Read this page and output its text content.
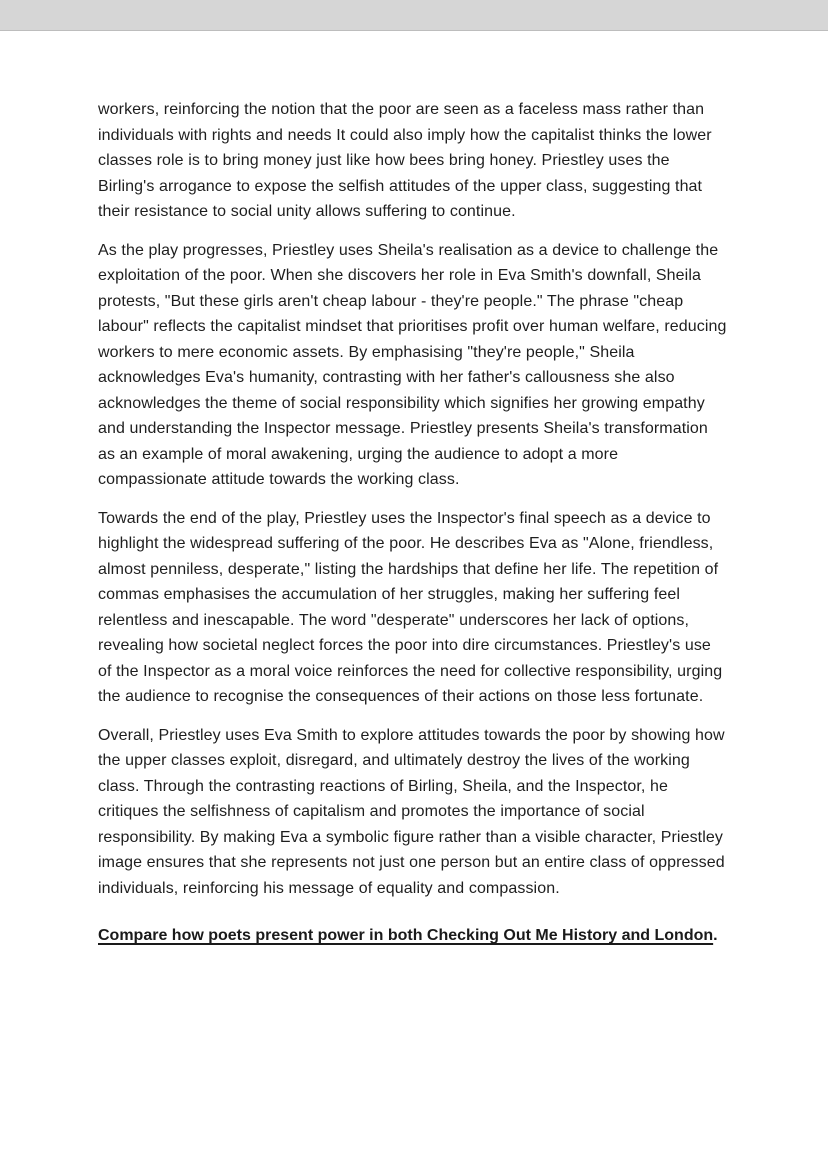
workers, reinforcing the notion that the poor are seen as a faceless mass rather than individuals with rights and needs It could also imply how the capitalist thinks the lower classes role is to bring money just like how bees bring honey. Priestley uses the Birling's arrogance to expose the selfish attitudes of the upper class, suggesting that their resistance to social unity allows suffering to continue.

As the play progresses, Priestley uses Sheila's realisation as a device to challenge the exploitation of the poor. When she discovers her role in Eva Smith's downfall, Sheila protests, "But these girls aren't cheap labour - they're people." The phrase "cheap labour" reflects the capitalist mindset that prioritises profit over human welfare, reducing workers to mere economic assets. By emphasising "they're people," Sheila acknowledges Eva's humanity, contrasting with her father's callousness she also acknowledges the theme of social responsibility which signifies her growing empathy and understanding the Inspector message. Priestley presents Sheila's transformation as an example of moral awakening, urging the audience to adopt a more compassionate attitude towards the working class.

Towards the end of the play, Priestley uses the Inspector's final speech as a device to highlight the widespread suffering of the poor. He describes Eva as "Alone, friendless, almost penniless, desperate," listing the hardships that define her life. The repetition of commas emphasises the accumulation of her struggles, making her suffering feel relentless and inescapable. The word "desperate" underscores her lack of options, revealing how societal neglect forces the poor into dire circumstances. Priestley's use of the Inspector as a moral voice reinforces the need for collective responsibility, urging the audience to recognise the consequences of their actions on those less fortunate.

Overall, Priestley uses Eva Smith to explore attitudes towards the poor by showing how the upper classes exploit, disregard, and ultimately destroy the lives of the working class. Through the contrasting reactions of Birling, Sheila, and the Inspector, he critiques the selfishness of capitalism and promotes the importance of social responsibility. By making Eva a symbolic figure rather than a visible character, Priestley image ensures that she represents not just one person but an entire class of oppressed individuals, reinforcing his message of equality and compassion.

Compare how poets present power in both Checking Out Me History and London.
